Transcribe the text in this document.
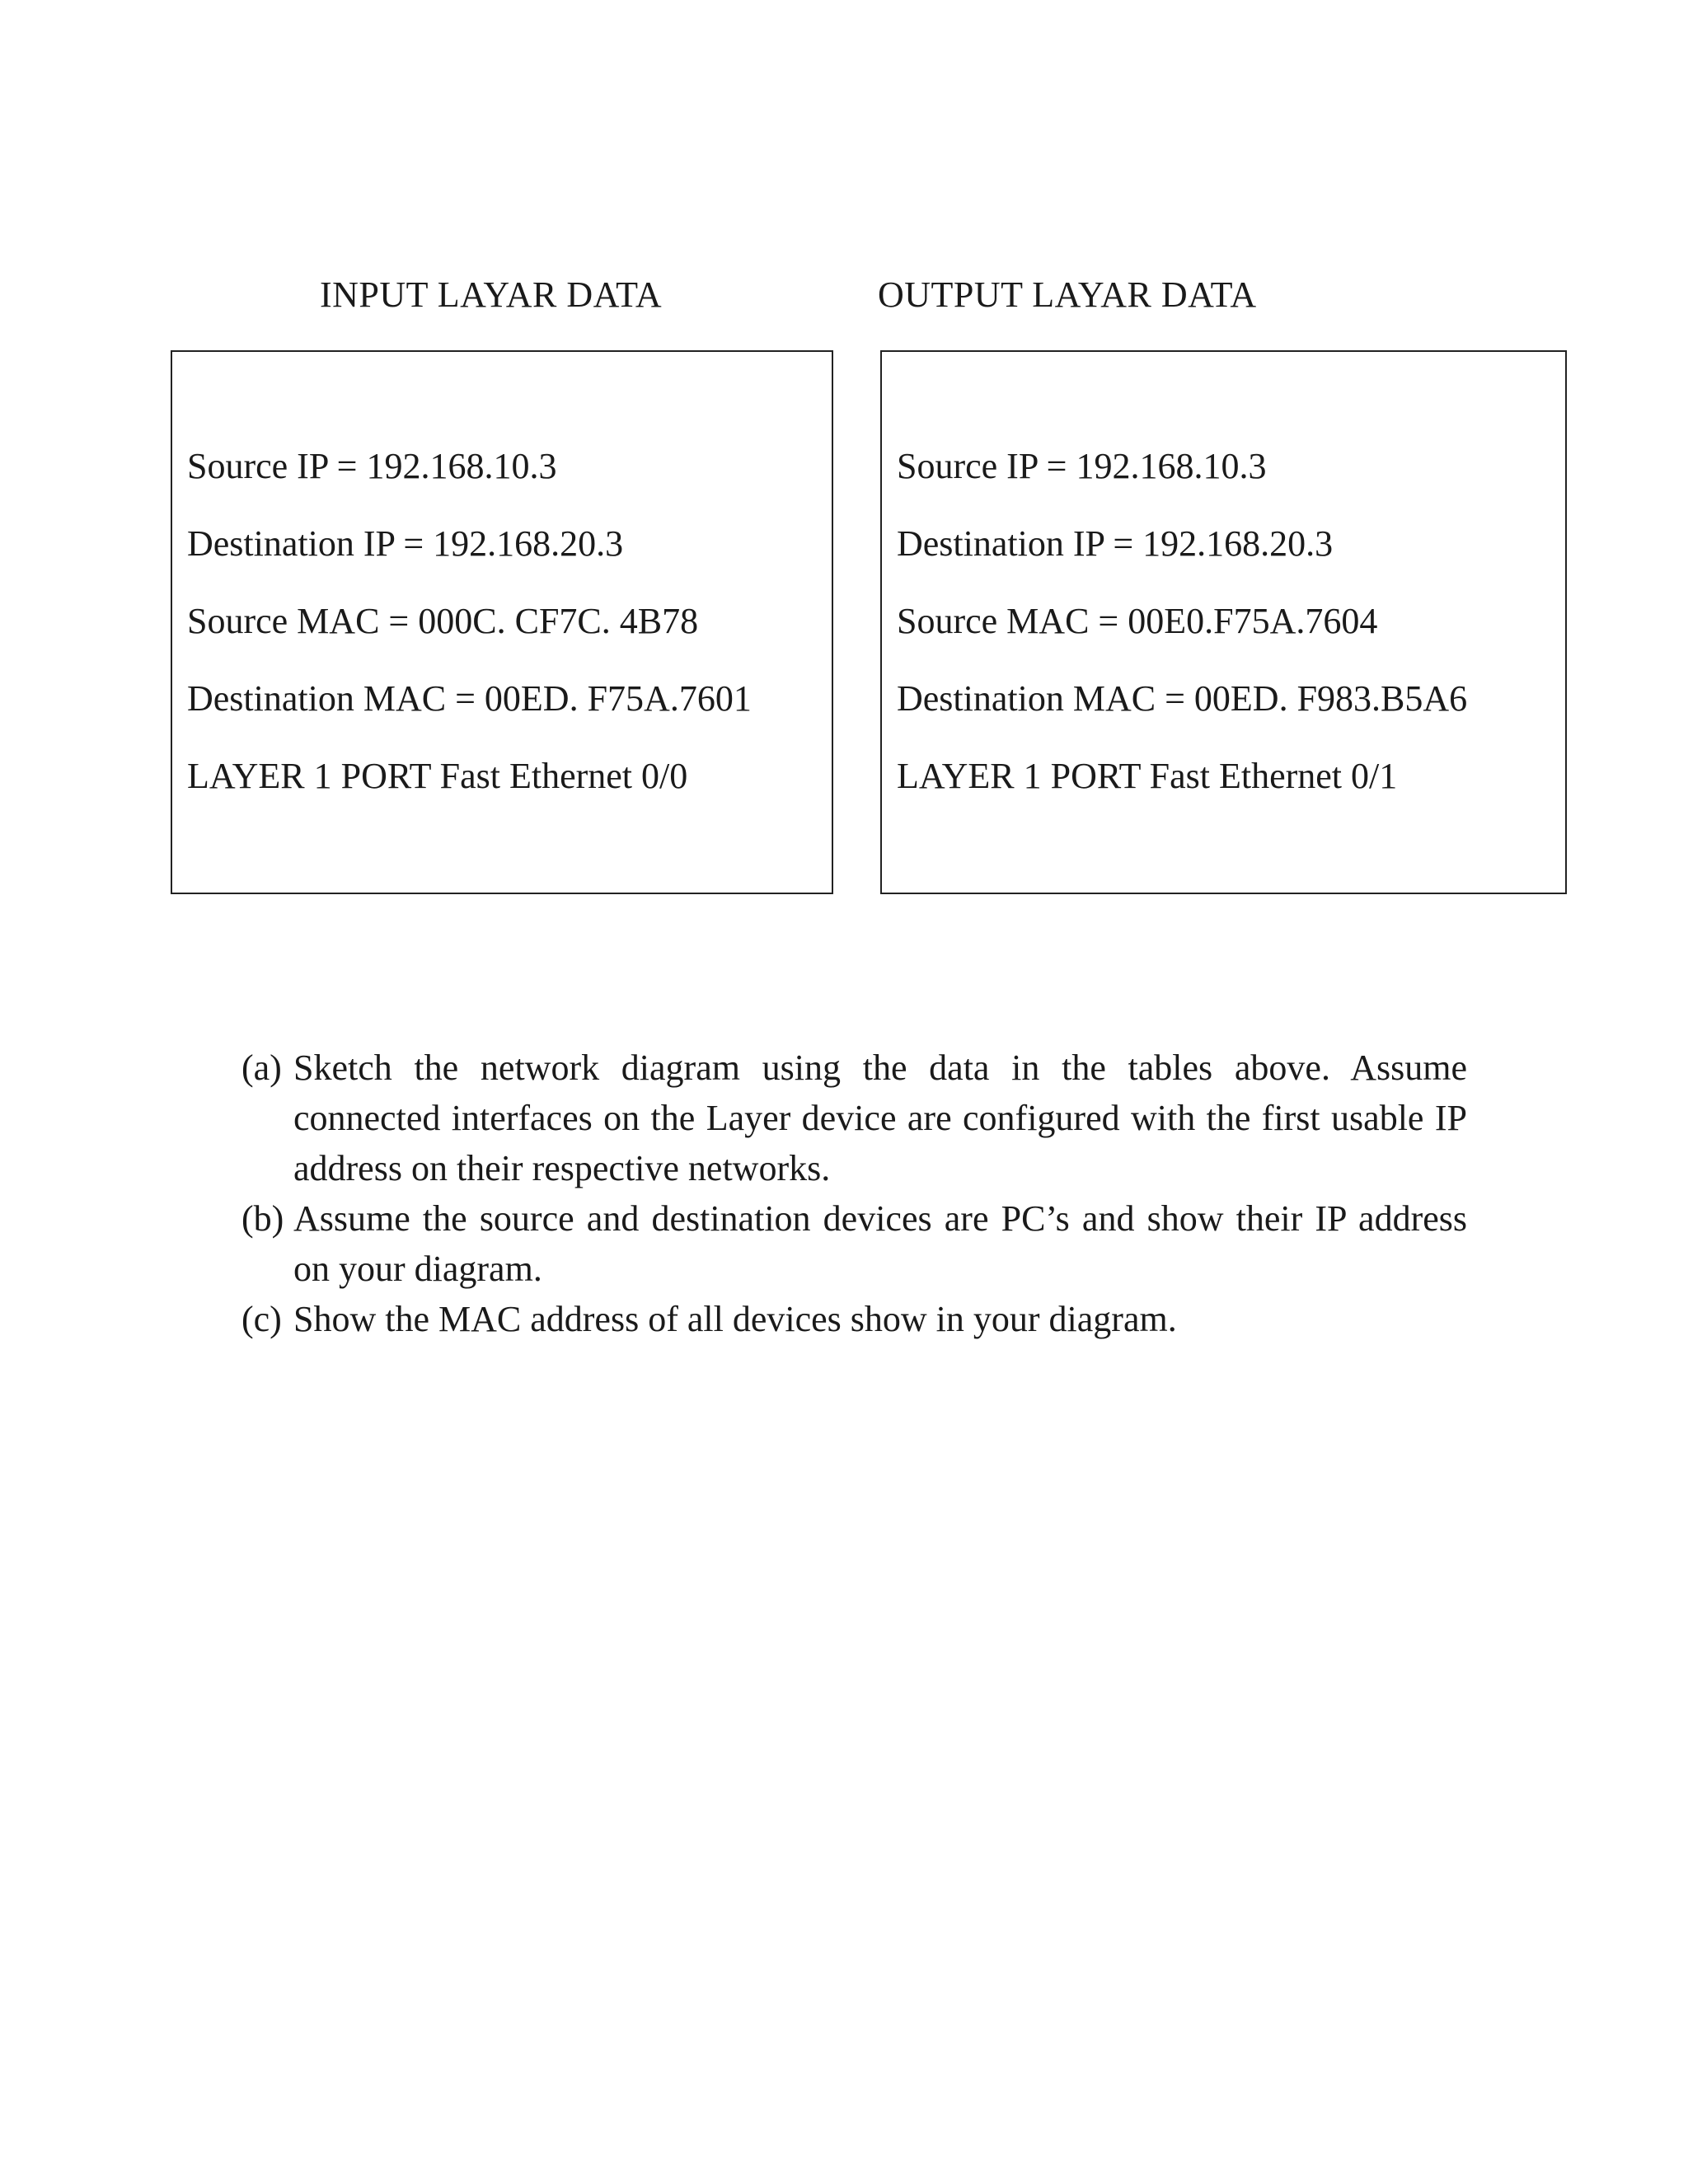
INPUT LAYAR DATA	OUTPUT LAYAR DATA
Source IP = 192.168.10.3
Destination IP = 192.168.20.3
Source MAC = 000C. CF7C. 4B78
Destination MAC = 00ED. F75A.7601
LAYER 1 PORT Fast Ethernet 0/0
Source IP = 192.168.10.3
Destination IP = 192.168.20.3
Source MAC = 00E0.F75A.7604
Destination MAC = 00ED. F983.B5A6
LAYER 1 PORT Fast Ethernet 0/1
(a) Sketch the network diagram using the data in the tables above. Assume connected interfaces on the Layer device are configured with the first usable IP address on their respective networks.
(b) Assume the source and destination devices are PC’s and show their IP address on your diagram.
(c) Show the MAC address of all devices show in your diagram.
